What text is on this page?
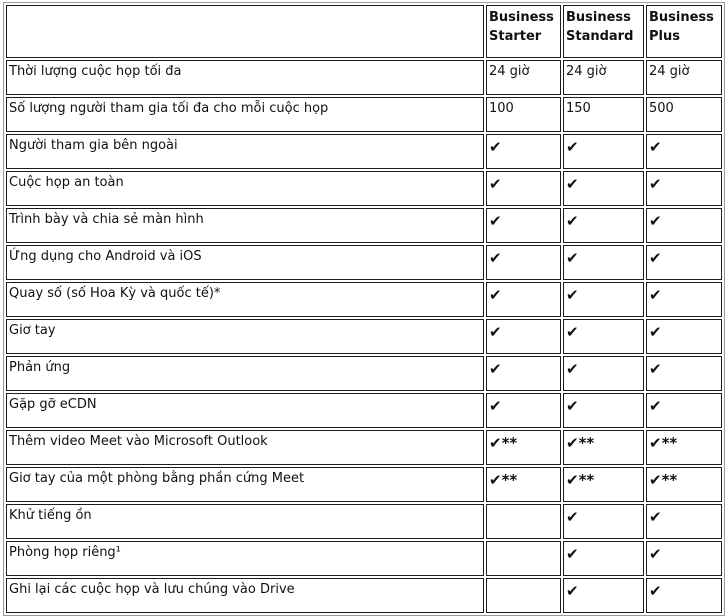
	Business Starter	Business Standard	Business Plus
Thời lượng cuộc họp tối đa	24 giờ	24 giờ	24 giờ
Số lượng người tham gia tối đa cho mỗi cuộc họp	100	150	500
Người tham gia bên ngoài	✔	✔	✔
Cuộc họp an toàn	✔	✔	✔
Trình bày và chia sẻ màn hình	✔	✔	✔
Ứng dụng cho Android và iOS	✔	✔	✔
Quay số (số Hoa Kỳ và quốc tế)*	✔	✔	✔
Giơ tay	✔	✔	✔
Phản ứng	✔	✔	✔
Gặp gỡ eCDN	✔	✔	✔
Thêm video Meet vào Microsoft Outlook	✔**	✔**	✔**
Giơ tay của một phòng bằng phần cứng Meet	✔**	✔**	✔**
Khử tiếng ồn		✔	✔
Phòng họp riêng¹		✔	✔
Ghi lại các cuộc họp và lưu chúng vào Drive		✔	✔
